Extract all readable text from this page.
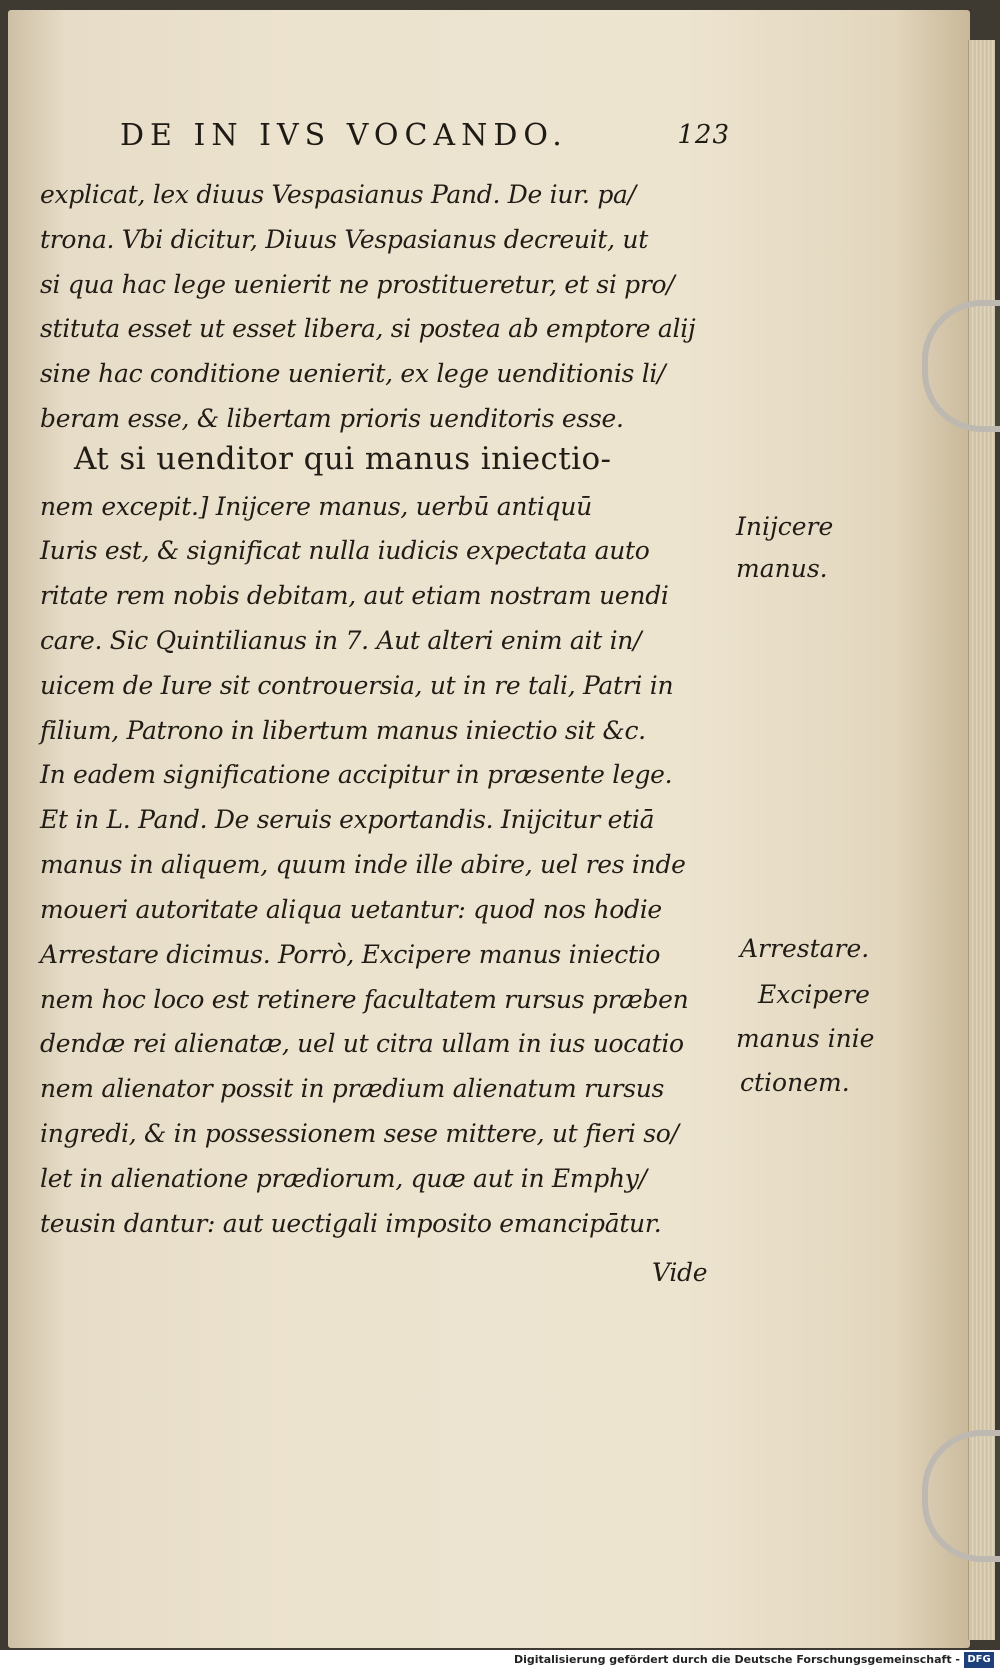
DE IN IVS VOCANDO.	123
explicat, lex diuus Vespasianus Pand. De iur. pa/
trona. Vbi dicitur, Diuus Vespasianus decreuit, ut
si qua hac lege uenierit ne prostitueretur, et si pro/
stituta esset ut esset libera, si postea ab emptore alij
sine hac conditione uenierit, ex lege uenditionis li/
beram esse, & libertam prioris uenditoris esse.
At si uenditor qui manus iniectio-
nem excepit.] Inijcere manus, uerbū antiquū
Iuris est, & significat nulla iudicis expectata auto
ritate rem nobis debitam, aut etiam nostram uendi
care. Sic Quintilianus in 7. Aut alteri enim ait in/
uicem de Iure sit controuersia, ut in re tali, Patri in
filium, Patrono in libertum manus iniectio sit &c.
In eadem significatione accipitur in præsente lege.
Et in L. Pand. De seruis exportandis. Inijcitur etiā
manus in aliquem, quum inde ille abire, uel res inde
moueri autoritate aliqua uetantur: quod nos hodie
Arrestare dicimus. Porrò, Excipere manus iniectio
nem hoc loco est retinere facultatem rursus præben
dendæ rei alienatæ, uel ut citra ullam in ius uocatio
nem alienator possit in prædium alienatum rursus
ingredi, & in possessionem sese mittere, ut fieri so/
let in alienatione prædiorum, quæ aut in Emphy/
teusin dantur: aut uectigali imposito emancipātur.
Vide
Inijcere
manus.
Arrestare.
Excipere
manus inie
ctionem.
Digitalisierung gefördert durch die Deutsche Forschungsgemeinschaft - DFG
